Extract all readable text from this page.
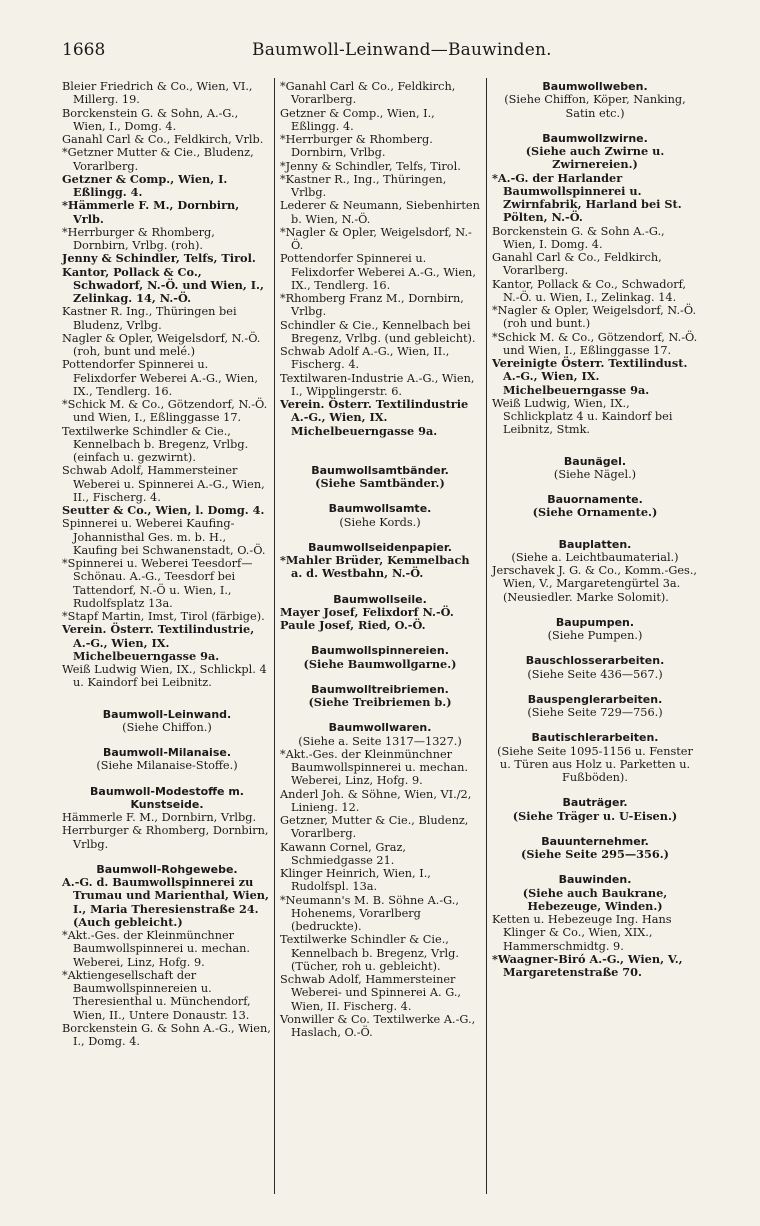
1668	Baumwoll-Leinwand—Bauwinden.

Bleier Friedrich & Co., Wien, VI., Millerg. 19.

Borckenstein G. & Sohn, A.-G., Wien, I., Domg. 4.

Ganahl Carl & Co., Feldkirch, Vrlb.

*Getzner Mutter & Cie., Bludenz, Vorarlberg.

Getzner & Comp., Wien, I. Eßlingg. 4.

*Hämmerle F. M., Dornbirn, Vrlb.

*Herrburger & Rhomberg, Dornbirn, Vrlbg. (roh).

Jenny & Schindler, Telfs, Tirol.

Kantor, Pollack & Co., Schwadorf, N.-Ö. und Wien, I., Zelinkag. 14, N.-Ö.

Kastner R. Ing., Thüringen bei Bludenz, Vrlbg.

Nagler & Opler, Weigelsdorf, N.-Ö. (roh, bunt und melé.)

Pottendorfer Spinnerei u. Felixdorfer Weberei A.-G., Wien, IX., Tendlerg. 16.

*Schick M. & Co., Götzendorf, N.-Ö. und Wien, I., Eßlinggasse 17.

Textilwerke Schindler & Cie., Kennelbach b. Bregenz, Vrlbg. (einfach u. gezwirnt).

Schwab Adolf, Hammersteiner Weberei u. Spinnerei A.-G., Wien, II., Fischerg. 4.

Seutter & Co., Wien, l. Domg. 4.

Spinnerei u. Weberei Kaufing-Johannisthal Ges. m. b. H., Kaufing bei Schwanenstadt, O.-Ö.

*Spinnerei u. Weberei Teesdorf—Schönau. A.-G., Teesdorf bei Tattendorf, N.-Ö u. Wien, I., Rudolfsplatz 13a.

*Stapf Martin, Imst, Tirol (färbige).

Verein. Österr. Textilindustrie, A.-G., Wien, IX. Michelbeuerngasse 9a.

Weiß Ludwig Wien, IX., Schlickpl. 4 u. Kaindorf bei Leibnitz.

Baumwoll-Leinwand.

(Siehe Chiffon.)

Baumwoll-Milanaise.

(Siehe Milanaise-Stoffe.)

Baumwoll-Modestoffe m. Kunstseide.

Hämmerle F. M., Dornbirn, Vrlbg.

Herrburger & Rhomberg, Dornbirn, Vrlbg.

Baumwoll-Rohgewebe.

A.-G. d. Baumwollspinnerei zu Trumau und Marienthal, Wien, I., Maria Theresienstraße 24. (Auch gebleicht.)

*Akt.-Ges. der Kleinmünchner Baumwollspinnerei u. mechan. Weberei, Linz, Hofg. 9.

*Aktiengesellschaft der Baumwollspinnereien u. Theresienthal u. Münchendorf, Wien, II., Untere Donaustr. 13.

Borckenstein G. & Sohn A.-G., Wien, I., Domg. 4.

*Ganahl Carl & Co., Feldkirch, Vorarlberg.

Getzner & Comp., Wien, I., Eßlingg. 4.

*Herrburger & Rhomberg. Dornbirn, Vrlbg.

*Jenny & Schindler, Telfs, Tirol.

*Kastner R., Ing., Thüringen, Vrlbg.

Lederer & Neumann, Siebenhirten b. Wien, N.-Ö.

*Nagler & Opler, Weigelsdorf, N.-Ö.

Pottendorfer Spinnerei u. Felixdorfer Weberei A.-G., Wien, IX., Tendlerg. 16.

*Rhomberg Franz M., Dornbirn, Vrlbg.

Schindler & Cie., Kennelbach bei Bregenz, Vrlbg. (und gebleicht).

Schwab Adolf A.-G., Wien, II., Fischerg. 4.

Textilwaren-Industrie A.-G., Wien, I., Wipplingerstr. 6.

Verein. Österr. Textilindustrie A.-G., Wien, IX. Michelbeuerngasse 9a.

Baumwollsamtbänder.

(Siehe Samtbänder.)

Baumwollsamte.

(Siehe Kords.)

Baumwollseidenpapier.

*Mahler Brüder, Kemmelbach a. d. Westbahn, N.-Ö.

Baumwollseile.

Mayer Josef, Felixdorf N.-Ö.

Paule Josef, Ried, O.-Ö.

Baumwollspinnereien.

(Siehe Baumwollgarne.)

Baumwolltreibriemen.

(Siehe Treibriemen b.)

Baumwollwaren.

(Siehe a. Seite 1317—1327.)

*Akt.-Ges. der Kleinmünchner Baumwollspinnerei u. mechan. Weberei, Linz, Hofg. 9.

Anderl Joh. & Söhne, Wien, VI./2, Linieng. 12.

Getzner, Mutter & Cie., Bludenz, Vorarlberg.

Kawann Cornel, Graz, Schmiedgasse 21.

Klinger Heinrich, Wien, I., Rudolfspl. 13a.

*Neumann's M. B. Söhne A.-G., Hohenems, Vorarlberg (bedruckte).

Textilwerke Schindler & Cie., Kennelbach b. Bregenz, Vrlg. (Tücher, roh u. gebleicht).

Schwab Adolf, Hammersteiner Weberei- und Spinnerei A. G., Wien, II. Fischerg. 4.

Vonwiller & Co. Textilwerke A.-G., Haslach, O.-Ö.

Baumwollweben.

(Siehe Chiffon, Köper, Nanking, Satin etc.)

Baumwollzwirne.

(Siehe auch Zwirne u. Zwirnereien.)

*A.-G. der Harlander Baumwollspinnerei u. Zwirnfabrik, Harland bei St. Pölten, N.-Ö.

Borckenstein G. & Sohn A.-G., Wien, I. Domg. 4.

Ganahl Carl & Co., Feldkirch, Vorarlberg.

Kantor, Pollack & Co., Schwadorf, N.-Ö. u. Wien, I., Zelinkag. 14.

*Nagler & Opler, Weigelsdorf, N.-Ö. (roh und bunt.)

*Schick M. & Co., Götzendorf, N.-Ö. und Wien, I., Eßlinggasse 17.

Vereinigte Österr. Textilindust. A.-G., Wien, IX. Michelbeuerngasse 9a.

Weiß Ludwig, Wien, IX., Schlickplatz 4 u. Kaindorf bei Leibnitz, Stmk.

Baunägel.

(Siehe Nägel.)

Bauornamente.

(Siehe Ornamente.)

Bauplatten.

(Siehe a. Leichtbaumaterial.)

Jerschavek J. G. & Co., Komm.-Ges., Wien, V., Margaretengürtel 3a. (Neusiedler. Marke Solomit).

Baupumpen.

(Siehe Pumpen.)

Bauschlosserarbeiten.

(Siehe Seite 436—567.)

Bauspenglerarbeiten.

(Siehe Seite 729—756.)

Bautischlerarbeiten.

(Siehe Seite 1095-1156 u. Fenster u. Türen aus Holz u. Parketten u. Fußböden).

Bauträger.

(Siehe Träger u. U-Eisen.)

Bauunternehmer.

(Siehe Seite 295—356.)

Bauwinden.

(Siehe auch Baukrane, Hebezeuge, Winden.)

Ketten u. Hebezeuge Ing. Hans Klinger & Co., Wien, XIX., Hammerschmidtg. 9.

*Waagner-Biró A.-G., Wien, V., Margaretenstraße 70.
